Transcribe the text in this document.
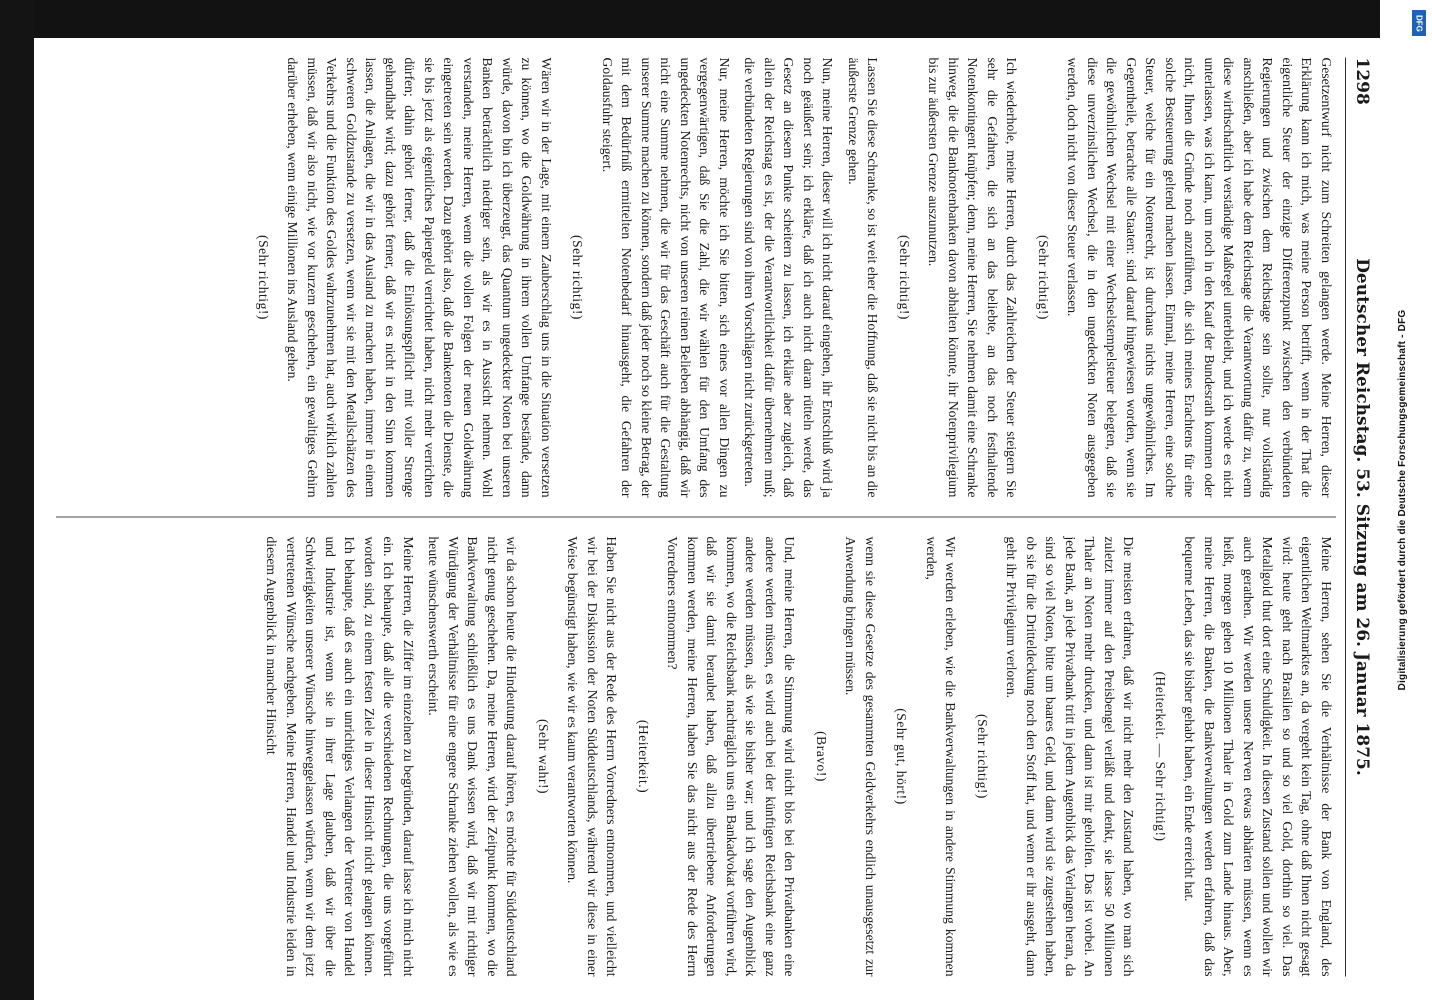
DFG
Digitalisierung gefördert durch die Deutsche Forschungsgemeinschaft - DFG
1298
Deutscher Reichstag. 53. Sitzung am 26. Januar 1875.

Gesetzentwurf nicht zum Schreiten gelangen werde. Meine Herren, dieser Erklärung kann ich mich, was meine Person betrifft, wenn in der That die eigentliche Steuer der einzige Differenzpunkt zwischen den verbündeten Regierungen und zwischen dem Reichstage sein sollte, nur vollständig anschließen, aber ich habe dem Reichstage die Verantwortung dafür zu, wenn diese wirthschaftlich verständige Maßregel unterbleibt, und ich werde es nicht unterlassen, was ich kann, um noch in den Kauf der Bundesrath kommen oder nicht, Ihnen die Gründe noch anzuführen, die sich meines Erachtens für eine solche Besteuerung geltend machen lassen. Einmal, meine Herren, eine solche Steuer, welche für ein Notenrecht, ist durchaus nichts ungewöhnliches. Im Gegentheile, betrachte alle Staaten: sind darauf hingewiesen worden, wenn sie die gewöhnlichen Wechsel mit einer Wechselstempelsteuer belegten, daß sie diese unverzinslichen Wechsel, die in den ungedeckten Noten ausgegeben werden, doch nicht von dieser Steuer verlassen.

(Sehr richtig!)

Ich wiederhole, meine Herren, durch das Zahlreichen der Steuer steigern Sie sehr die Gefahren, die sich an das beliebte, an das noch festhaltende Notenkontingent knüpfen; denn, meine Herren, Sie nehmen damit eine Schranke hinweg, die die Banknotenbanken davon abhalten könnte, ihr Notenprivilegium bis zur äußersten Grenze auszunutzen.

(Sehr richtig!)

Lassen Sie diese Schranke, so ist weit eher die Hoffnung, daß sie nicht bis an die äußerste Grenze gehen.

Nun, meine Herren, dieser will ich nicht darauf eingehen, ihr Entschluß wird ja noch geäußert sein; ich erkläre, daß ich auch nicht daran rütteln werde, das Gesetz an diesem Punkte scheitern zu lassen, ich erkläre aber zugleich, daß allein der Reichstag es ist, der die Verantwortlichkeit dafür übernehmen muß; die verbündeten Regierungen sind von ihren Vorschlägen nicht zurückgetreten.

Nur, meine Herren, möchte ich Sie bitten, sich eines vor allen Dingen zu vergegenwärtigen, daß Sie die Zahl, die wir wählen für den Umfang des ungedeckten Notenrechts, nicht von unseren reinen Belieben abhängig, daß wir nicht eine Summe nehmen, die wir für das Geschäft auch für die Gestaltung unserer Summe machen zu können, sondern daß jeder noch so kleine Betrag, der mit dem Bedürfniß ermittelten Notenbedarf hinausgeht, die Gefahren der Goldausfuhr steigert.

(Sehr richtig!)

Wären wir in der Lage, mit einem Zauberschlag uns in die Situation versetzen zu können, wo die Goldwährung in ihrem vollen Umfange bestände, dann würde, davon bin ich überzeugt, das Quantum ungedeckter Noten bei unseren Banken beträchtlich niedriger sein, als wir es in Aussicht nehmen. Wohl verstanden, meine Herren, wenn die vollen Folgen der neuen Goldwährung eingetreten sein werden. Dazu gehört also, daß die Bankenoten die Dienste, die sie bis jetzt als eigentliches Papiergeld verrichtet haben, nicht mehr verrichten dürfen; dahin gehört ferner, daß die Einlösungspflicht mit voller Strenge gehandhabt wird; dazu gehört ferner, daß wir es nicht in den Sinn kommen lassen, die Anlagen, die wir in das Ausland zu machen haben, immer in einem schweren Goldzustande zu versetzen, wenn wir sie mit den Metallschätzen des Verkehrs und die Funktion des Goldes wahrzunehmen hat, auch wirklich zahlen müssen, daß wir also nicht, wie vor kurzem geschehen, ein gewaltiges Gehirn darüber erheben, wenn einige Millionen ins Ausland gehen.

(Sehr richtig!)

Meine Herren, sehen Sie die Verhältnisse der Bank von England, des eigentlichen Weltmarktes an, da vergeht kein Tag, ohne daß Ihnen nicht gesagt wird: heute geht nach Brasilien so und so viel Gold, dorthin so viel. Das Metallgold thut dort eine Schuldigkeit. In diesen Zustand sollen und wollen wir auch gerathen. Wir werden unsere Nerven etwas abhärten müssen, wenn es heißt, morgen gehen 10 Millionen Thaler in Gold zum Lande hinaus. Aber, meine Herren, die Banken, die Bankverwaltungen werden erfahren, daß das bequeme Leben, das sie bisher gehabt haben, ein Ende erreicht hat.

(Heiterkeit. — Sehr richtig!)

Die meisten erfahren, daß wir nicht mehr den Zustand haben, wo man sich zuletzt immer auf den Preisbengel verläßt und denkt, sie lasse 50 Millionen Thaler an Noten mehr drucken, und dann ist mir geholfen. Das ist vorbei. An jede Bank, an jede Privatbank tritt in jedem Augenblick das Verlangen heran, da sind so viel Noten, bitte um baares Geld, und dann wird sie zugestehen haben, ob sie für die Dritteldeckung noch den Stoff hat, und wenn er ihr ausgeht, dann geht ihr Privilegium verloren.

(Sehr richtig!)

Wir werden erleben, wie die Bankverwaltungen in andere Stimmung kommen werden,

(Sehr gut, hört!)

wenn sie diese Gesetze des gesammten Geldverkehrs endlich unausgesetzt zur Anwendung bringen müssen.

(Bravo!)

Und, meine Herren, die Stimmung wird nicht blos bei den Privatbanken eine andere werden müssen, es wird auch bei der künftigen Reichsbank eine ganz andere werden müssen, als wie sie bisher war; und ich sage den Augenblick kommen, wo die Reichsbank nachträglich uns ein Bankadvokat vorführen wird, daß wir sie damit beraubet haben, daß allzu übertriebene Anforderungen kommen werden, meine Herren, haben Sie das nicht aus der Rede des Herrn Vorredners entnommen?

(Heiterkeit.)

Haben Sie nicht aus der Rede des Herrn Vorredners entnommen, und vielleicht wir bei der Diskussion der Noten Süddeutschlands, während wir diese in einer Weise begünstigt haben, wie wir es kaum verantworten können.

(Sehr wahr!)

wir da schon heute die Hindeutung darauf hören, es möchte für Süddeutschland nicht genug geschehen. Da, meine Herren, wird der Zeitpunkt kommen, wo die Bankverwaltung schließlich es uns Dank wissen wird, daß wir mit richtiger Würdigung der Verhältnisse für eine engere Schranke ziehen wollen, als wie es heute wünschenswerth erscheint.

Meine Herren, die Ziffer im einzelnen zu begründen, darauf lasse ich mich nicht ein. Ich behaupte, daß alle die verschiedenen Rechnungen, die uns vorgeführt worden sind, zu einem festen Ziele in dieser Hinsicht nicht gelangen können. Ich behaupte, daß es auch ein unrichtiges Verlangen der Vertreter von Handel und Industrie ist, wenn sie in ihrer Lage glauben, daß wir über die Schwierigkeiten unserer Wünsche hinweggelassen würden, wenn wir dem jetzt vertretenen Wünsche nachgeben. Meine Herren, Handel und Industrie leiden in diesem Augenblick in mancher Hinsicht
